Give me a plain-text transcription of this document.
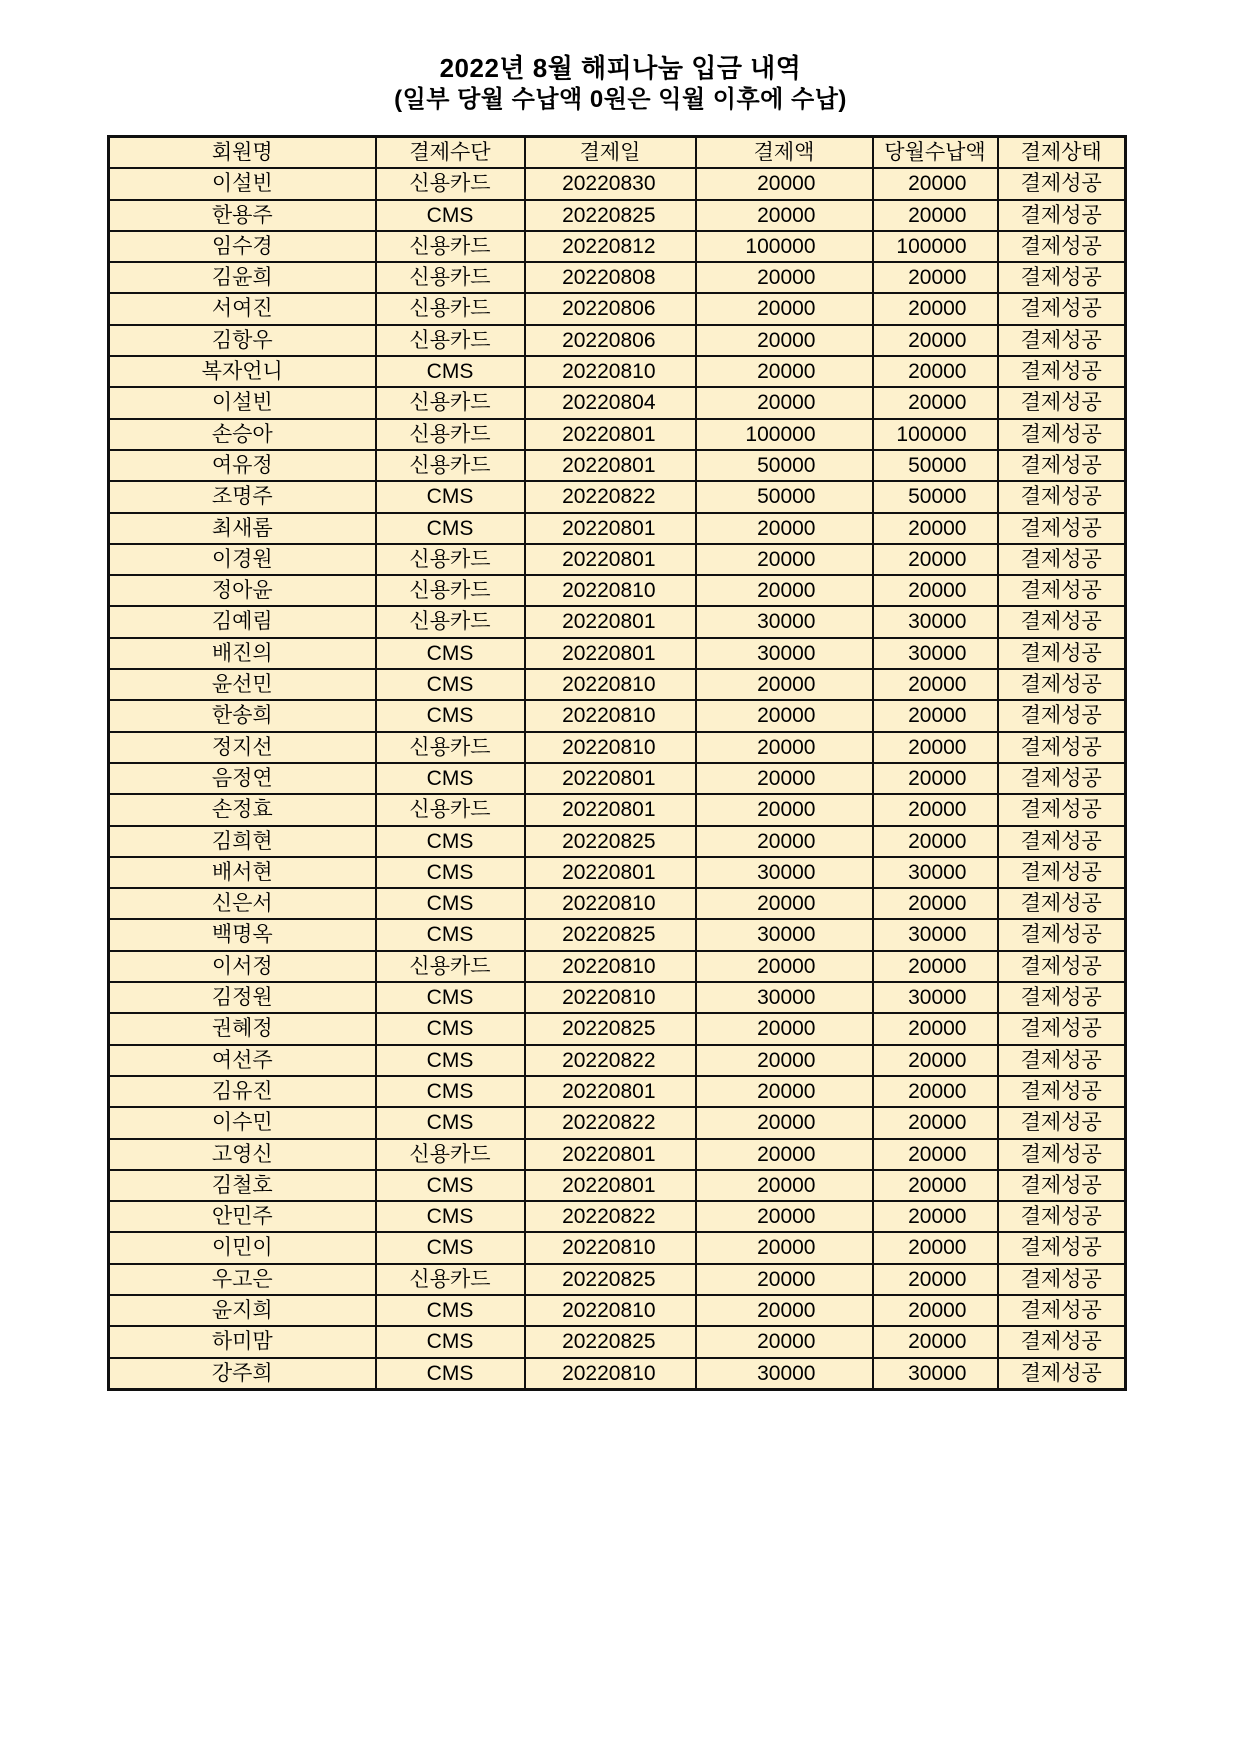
2022년 8월 해피나눔 입금 내역
(일부 당월 수납액 0원은 익월 이후에 수납)
회원명	결제수단	결제일	결제액	당월수납액	결제상태
이설빈	신용카드	20220830	20000	20000	결제성공
한용주	CMS	20220825	20000	20000	결제성공
임수경	신용카드	20220812	100000	100000	결제성공
김윤희	신용카드	20220808	20000	20000	결제성공
서여진	신용카드	20220806	20000	20000	결제성공
김항우	신용카드	20220806	20000	20000	결제성공
복자언니	CMS	20220810	20000	20000	결제성공
이설빈	신용카드	20220804	20000	20000	결제성공
손승아	신용카드	20220801	100000	100000	결제성공
여유정	신용카드	20220801	50000	50000	결제성공
조명주	CMS	20220822	50000	50000	결제성공
최새롬	CMS	20220801	20000	20000	결제성공
이경원	신용카드	20220801	20000	20000	결제성공
정아윤	신용카드	20220810	20000	20000	결제성공
김예림	신용카드	20220801	30000	30000	결제성공
배진의	CMS	20220801	30000	30000	결제성공
윤선민	CMS	20220810	20000	20000	결제성공
한송희	CMS	20220810	20000	20000	결제성공
정지선	신용카드	20220810	20000	20000	결제성공
음정연	CMS	20220801	20000	20000	결제성공
손정효	신용카드	20220801	20000	20000	결제성공
김희현	CMS	20220825	20000	20000	결제성공
배서현	CMS	20220801	30000	30000	결제성공
신은서	CMS	20220810	20000	20000	결제성공
백명옥	CMS	20220825	30000	30000	결제성공
이서정	신용카드	20220810	20000	20000	결제성공
김정원	CMS	20220810	30000	30000	결제성공
권혜정	CMS	20220825	20000	20000	결제성공
여선주	CMS	20220822	20000	20000	결제성공
김유진	CMS	20220801	20000	20000	결제성공
이수민	CMS	20220822	20000	20000	결제성공
고영신	신용카드	20220801	20000	20000	결제성공
김철호	CMS	20220801	20000	20000	결제성공
안민주	CMS	20220822	20000	20000	결제성공
이민이	CMS	20220810	20000	20000	결제성공
우고은	신용카드	20220825	20000	20000	결제성공
윤지희	CMS	20220810	20000	20000	결제성공
하미맘	CMS	20220825	20000	20000	결제성공
강주희	CMS	20220810	30000	30000	결제성공
